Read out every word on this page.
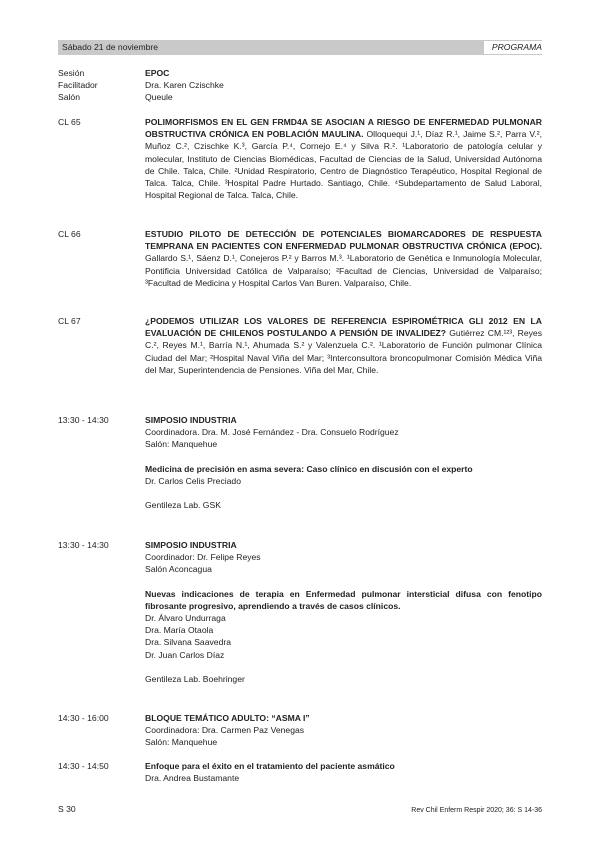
Sábado 21 de noviembre	PROGRAMA
Sesión	EPOC
Facilitador	Dra. Karen Czischke
Salón	Queule
CL 65	POLIMORFISMOS EN EL GEN FRMD4A SE ASOCIAN A RIESGO DE ENFERMEDAD PULMONAR OBSTRUCTIVA CRÓNICA EN POBLACIÓN MAULINA. Olloquequi J.¹, Díaz R.¹, Jaime S.², Parra V.², Muñoz C.², Czischke K.³, García P.⁴, Cornejo E.⁴ y Silva R.². ¹Laboratorio de patología celular y molecular, Instituto de Ciencias Biomédicas, Facultad de Ciencias de la Salud, Universidad Autónoma de Chile. Talca, Chile. ²Unidad Respiratorio, Centro de Diagnóstico Terapéutico, Hospital Regional de Talca. Talca, Chile. ³Hospital Padre Hurtado. Santiago, Chile. ⁴Subdepartamento de Salud Laboral, Hospital Regional de Talca. Talca, Chile.
CL 66	ESTUDIO PILOTO DE DETECCIÓN DE POTENCIALES BIOMARCADORES DE RESPUESTA TEMPRANA EN PACIENTES CON ENFERMEDAD PULMONAR OBSTRUCTIVA CRÓNICA (EPOC). Gallardo S.¹, Sáenz D.¹, Conejeros P.² y Barros M.³. ¹Laboratorio de Genética e Inmunología Molecular, Pontificia Universidad Católica de Valparaíso; ²Facultad de Ciencias, Universidad de Valparaíso; ³Facultad de Medicina y Hospital Carlos Van Buren. Valparaíso, Chile.
CL 67	¿PODEMOS UTILIZAR LOS VALORES DE REFERENCIA ESPIROMÉTRICA GLI 2012 EN LA EVALUACIÓN DE CHILENOS POSTULANDO A PENSIÓN DE INVALIDEZ? Gutiérrez CM.¹²³, Reyes C.², Reyes M.¹, Barría N.¹, Ahumada S.² y Valenzuela C.². ¹Laboratorio de Función pulmonar Clínica Ciudad del Mar; ²Hospital Naval Viña del Mar; ³Interconsultora broncopulmonar Comisión Médica Viña del Mar, Superintendencia de Pensiones. Viña del Mar, Chile.
13:30 - 14:30	SIMPOSIO INDUSTRIA
Coordinadora. Dra. M. José Fernández - Dra. Consuelo Rodríguez
Salón: Manquehue
Medicina de precisión en asma severa: Caso clínico en discusión con el experto
Dr. Carlos Celis Preciado
Gentileza Lab. GSK
13:30 - 14:30	SIMPOSIO INDUSTRIA
Coordinador: Dr. Felipe Reyes
Salón Aconcagua
Nuevas indicaciones de terapia en Enfermedad pulmonar intersticial difusa con fenotipo fibrosante progresivo, aprendiendo a través de casos clínicos.
Dr. Álvaro Undurraga
Dra. María Otaola
Dra. Silvana Saavedra
Dr. Juan Carlos Díaz
Gentileza Lab. Boehringer
14:30 - 16:00	BLOQUE TEMÁTICO ADULTO: “ASMA I”
Coordinadora: Dra. Carmen Paz Venegas
Salón: Manquehue
14:30 - 14:50	Enfoque para el éxito en el tratamiento del paciente asmático
Dra. Andrea Bustamante
S 30	Rev Chil Enferm Respir 2020; 36: S 14-36
